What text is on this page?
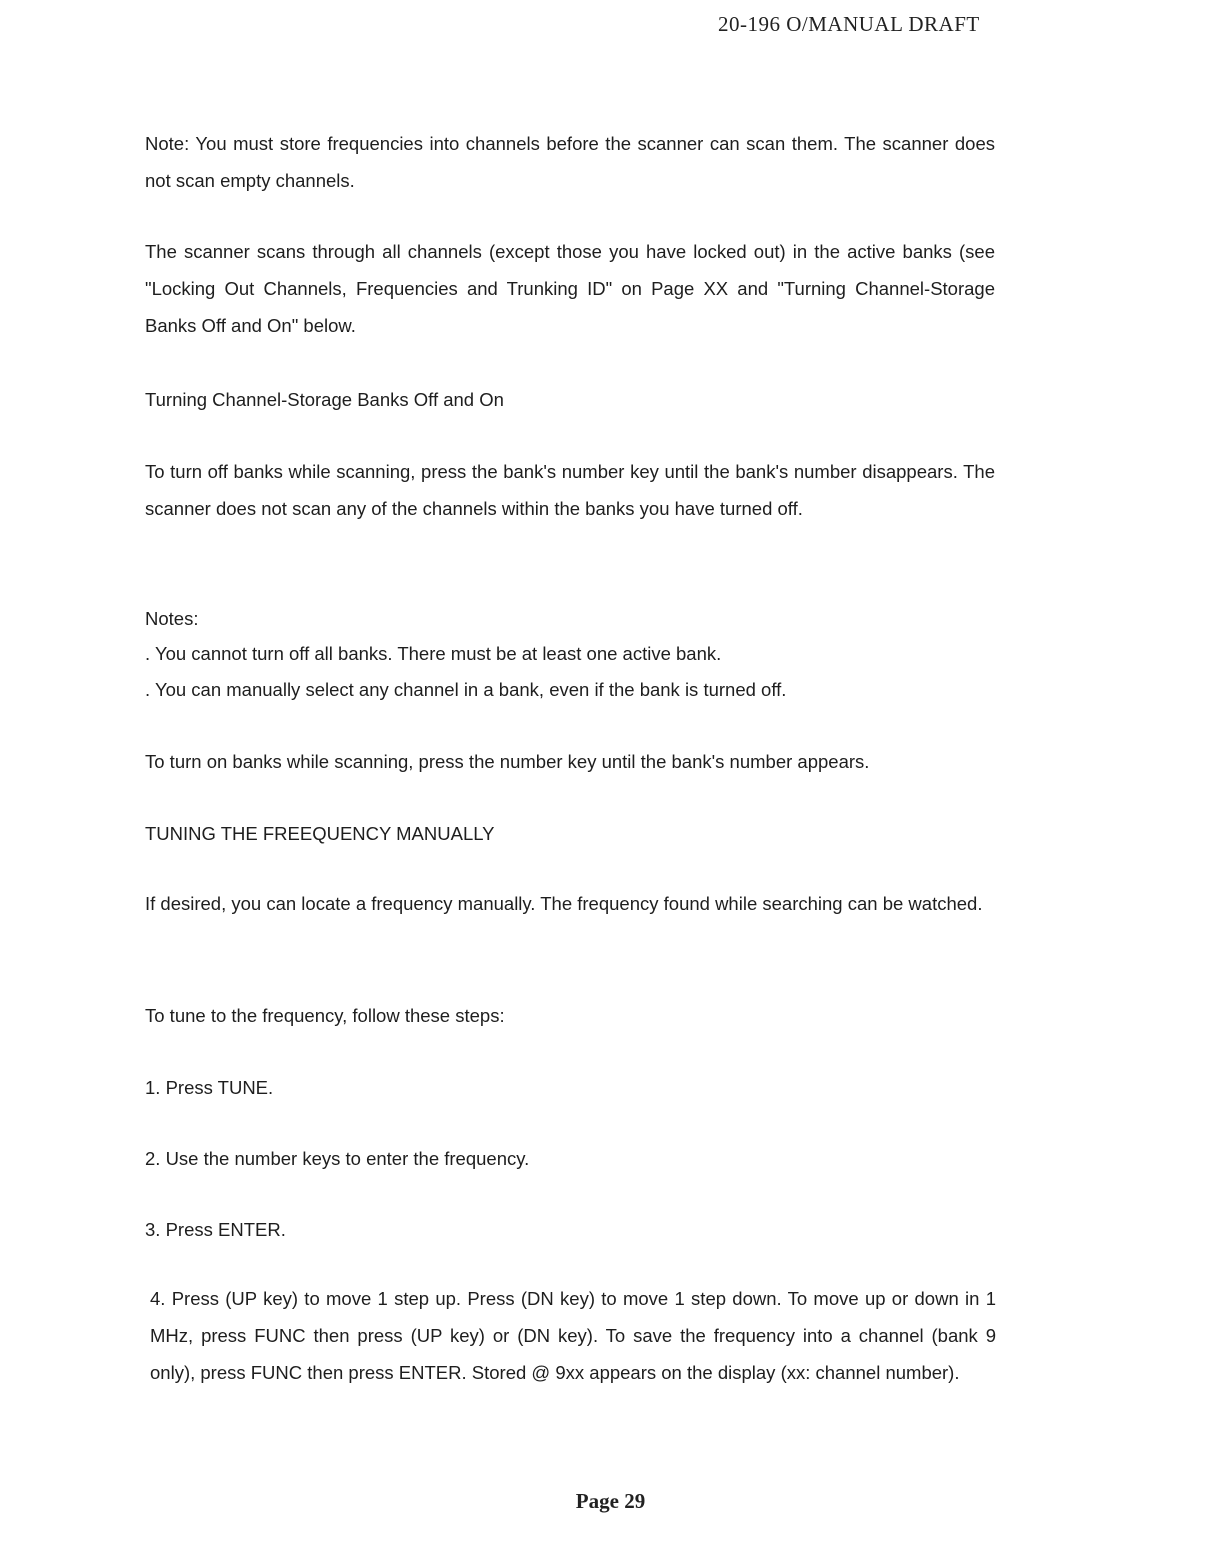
20-196 O/MANUAL DRAFT

Note: You must store frequencies into channels before the scanner can scan them. The scanner does not scan empty channels.

The scanner scans through all channels (except those you have locked out) in the active banks (see "Locking Out Channels, Frequencies and Trunking ID" on Page XX and "Turning Channel-Storage Banks Off and On" below.

Turning Channel-Storage Banks Off and On

To turn off banks while scanning, press the bank's number key until the bank's number disappears. The scanner does not scan any of the channels within the banks you have turned off.

Notes:

. You cannot turn off all banks. There must be at least one active bank.

. You can manually select any channel in a bank, even if the bank is turned off.

To turn on banks while scanning, press the number key until the bank's number appears.

TUNING THE FREEQUENCY MANUALLY

If desired, you can locate a frequency manually. The frequency found while searching can be watched.

To tune to the frequency, follow these steps:

1. Press TUNE.

2. Use the number keys to enter the frequency.

3. Press ENTER.

4. Press (UP key) to move 1 step up. Press (DN key) to move 1 step down. To move up or down in 1 MHz, press FUNC then press (UP key) or (DN key). To save the frequency into a channel (bank 9 only), press FUNC then press ENTER. Stored @ 9xx appears on the display (xx: channel number).

Page 29
